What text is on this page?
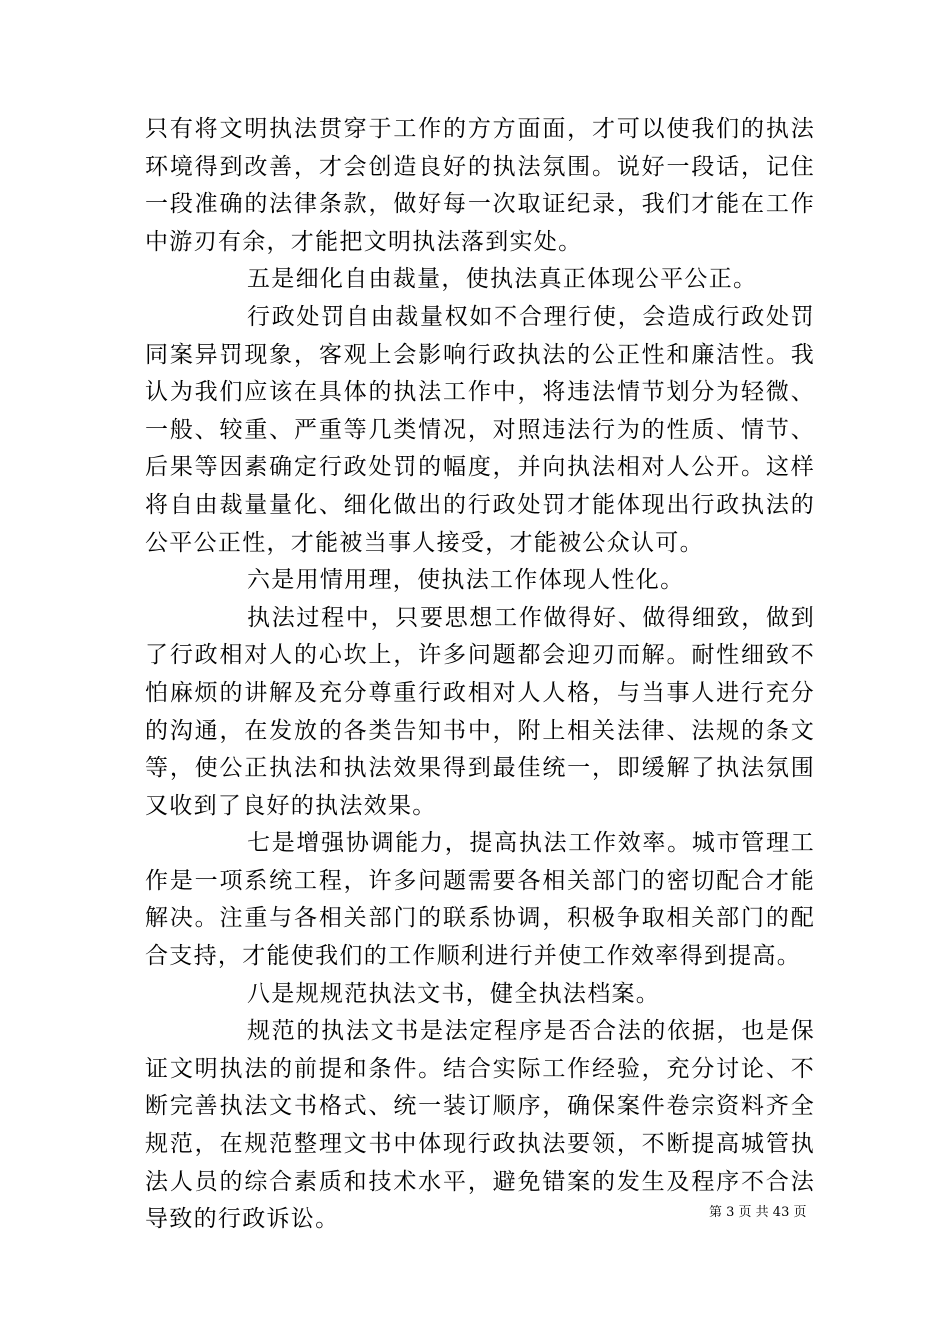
只有将文明执法贯穿于工作的方方面面，才可以使我们的执法环境得到改善，才会创造良好的执法氛围。说好一段话，记住一段准确的法律条款，做好每一次取证纪录，我们才能在工作中游刃有余，才能把文明执法落到实处。

五是细化自由裁量，使执法真正体现公平公正。

行政处罚自由裁量权如不合理行使，会造成行政处罚同案异罚现象，客观上会影响行政执法的公正性和廉洁性。我认为我们应该在具体的执法工作中，将违法情节划分为轻微、一般、较重、严重等几类情况，对照违法行为的性质、情节、后果等因素确定行政处罚的幅度，并向执法相对人公开。这样将自由裁量量化、细化做出的行政处罚才能体现出行政执法的公平公正性，才能被当事人接受，才能被公众认可。

六是用情用理，使执法工作体现人性化。

执法过程中，只要思想工作做得好、做得细致，做到了行政相对人的心坎上，许多问题都会迎刃而解。耐性细致不怕麻烦的讲解及充分尊重行政相对人人格，与当事人进行充分的沟通，在发放的各类告知书中，附上相关法律、法规的条文等，使公正执法和执法效果得到最佳统一，即缓解了执法氛围又收到了良好的执法效果。

七是增强协调能力，提高执法工作效率。城市管理工作是一项系统工程，许多问题需要各相关部门的密切配合才能解决。注重与各相关部门的联系协调，积极争取相关部门的配合支持，才能使我们的工作顺利进行并使工作效率得到提高。

八是规规范执法文书，健全执法档案。

规范的执法文书是法定程序是否合法的依据，也是保证文明执法的前提和条件。结合实际工作经验，充分讨论、不断完善执法文书格式、统一装订顺序，确保案件卷宗资料齐全规范，在规范整理文书中体现行政执法要领，不断提高城管执法人员的综合素质和技术水平，避免错案的发生及程序不合法导致的行政诉讼。	第 3 页 共 43 页
